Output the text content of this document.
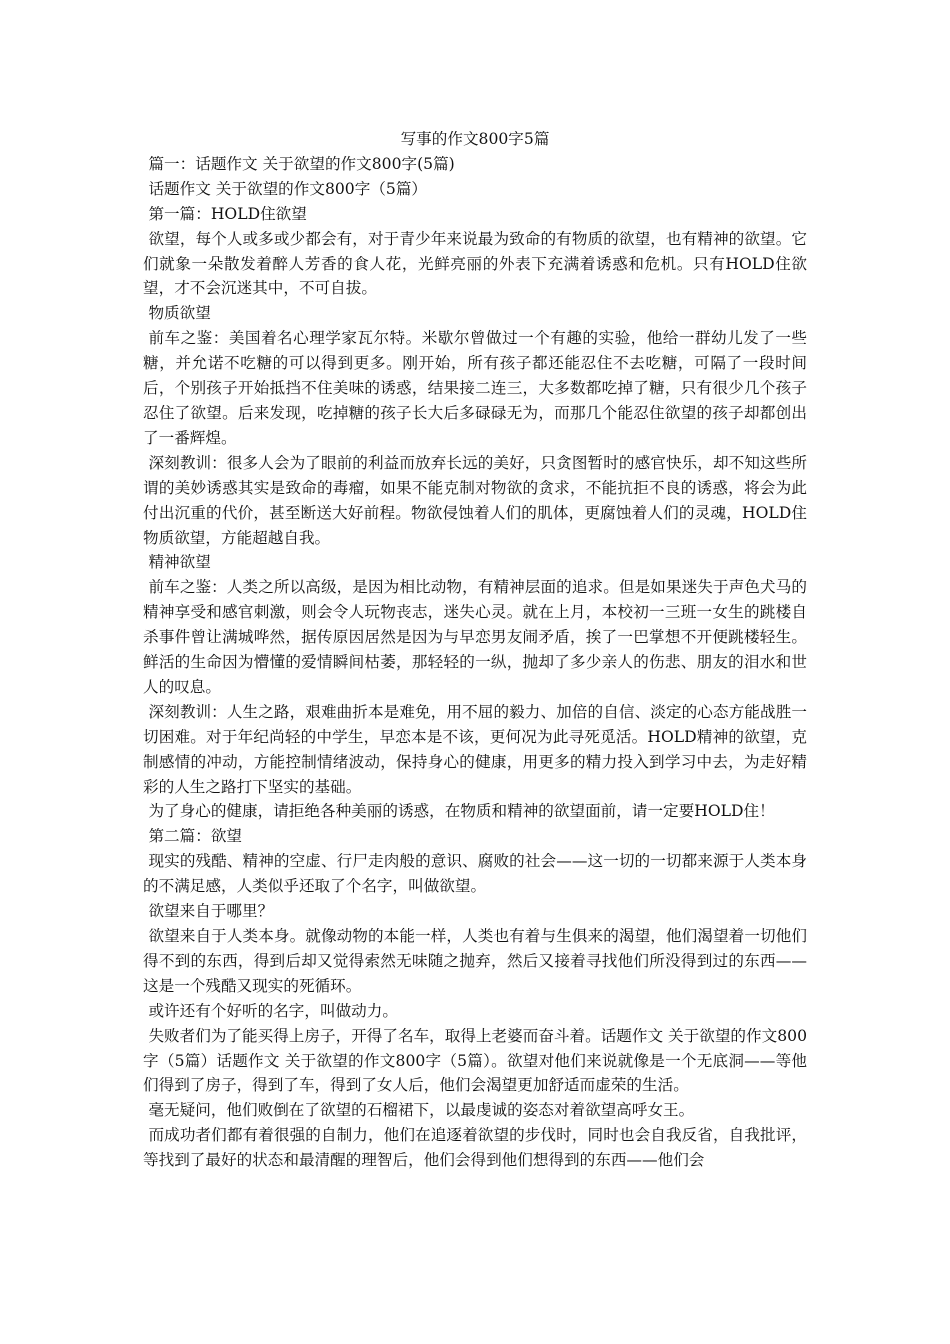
写事的作文800字5篇

篇一：话题作文 关于欲望的作文800字(5篇)

话题作文 关于欲望的作文800字（5篇）

第一篇：HOLD住欲望

欲望，每个人或多或少都会有，对于青少年来说最为致命的有物质的欲望，也有精神的欲望。它们就象一朵散发着醉人芳香的食人花，光鲜亮丽的外表下充满着诱惑和危机。只有HOLD住欲望，才不会沉迷其中，不可自拔。

物质欲望

前车之鉴：美国着名心理学家瓦尔特。米歇尔曾做过一个有趣的实验，他给一群幼儿发了一些糖，并允诺不吃糖的可以得到更多。刚开始，所有孩子都还能忍住不去吃糖，可隔了一段时间后，个别孩子开始抵挡不住美味的诱惑，结果接二连三，大多数都吃掉了糖，只有很少几个孩子忍住了欲望。后来发现，吃掉糖的孩子长大后多碌碌无为，而那几个能忍住欲望的孩子却都创出了一番辉煌。

深刻教训：很多人会为了眼前的利益而放弃长远的美好，只贪图暂时的感官快乐，却不知这些所谓的美妙诱惑其实是致命的毒瘤，如果不能克制对物欲的贪求，不能抗拒不良的诱惑，将会为此付出沉重的代价，甚至断送大好前程。物欲侵蚀着人们的肌体，更腐蚀着人们的灵魂，HOLD住物质欲望，方能超越自我。

精神欲望

前车之鉴：人类之所以高级，是因为相比动物，有精神层面的追求。但是如果迷失于声色犬马的精神享受和感官刺激，则会令人玩物丧志，迷失心灵。就在上月，本校初一三班一女生的跳楼自杀事件曾让满城哗然，据传原因居然是因为与早恋男友闹矛盾，挨了一巴掌想不开便跳楼轻生。鲜活的生命因为懵懂的爱情瞬间枯萎，那轻轻的一纵，抛却了多少亲人的伤悲、朋友的泪水和世人的叹息。

深刻教训：人生之路，艰难曲折本是难免，用不屈的毅力、加倍的自信、淡定的心态方能战胜一切困难。对于年纪尚轻的中学生，早恋本是不该，更何况为此寻死觅活。HOLD精神的欲望，克制感情的冲动，方能控制情绪波动，保持身心的健康，用更多的精力投入到学习中去，为走好精彩的人生之路打下坚实的基础。

为了身心的健康，请拒绝各种美丽的诱惑，在物质和精神的欲望面前，请一定要HOLD住！

第二篇：欲望

现实的残酷、精神的空虚、行尸走肉般的意识、腐败的社会——这一切的一切都来源于人类本身的不满足感，人类似乎还取了个名字，叫做欲望。

欲望来自于哪里？

欲望来自于人类本身。就像动物的本能一样，人类也有着与生俱来的渴望，他们渴望着一切他们得不到的东西，得到后却又觉得索然无味随之抛弃，然后又接着寻找他们所没得到过的东西——这是一个残酷又现实的死循环。

或许还有个好听的名字，叫做动力。

失败者们为了能买得上房子，开得了名车，取得上老婆而奋斗着。话题作文 关于欲望的作文800字（5篇）话题作文 关于欲望的作文800字（5篇）。欲望对他们来说就像是一个无底洞——等他们得到了房子，得到了车，得到了女人后，他们会渴望更加舒适而虚荣的生活。

毫无疑问，他们败倒在了欲望的石榴裙下，以最虔诚的姿态对着欲望高呼女王。

而成功者们都有着很强的自制力，他们在追逐着欲望的步伐时，同时也会自我反省，自我批评，等找到了最好的状态和最清醒的理智后，他们会得到他们想得到的东西——他们会
